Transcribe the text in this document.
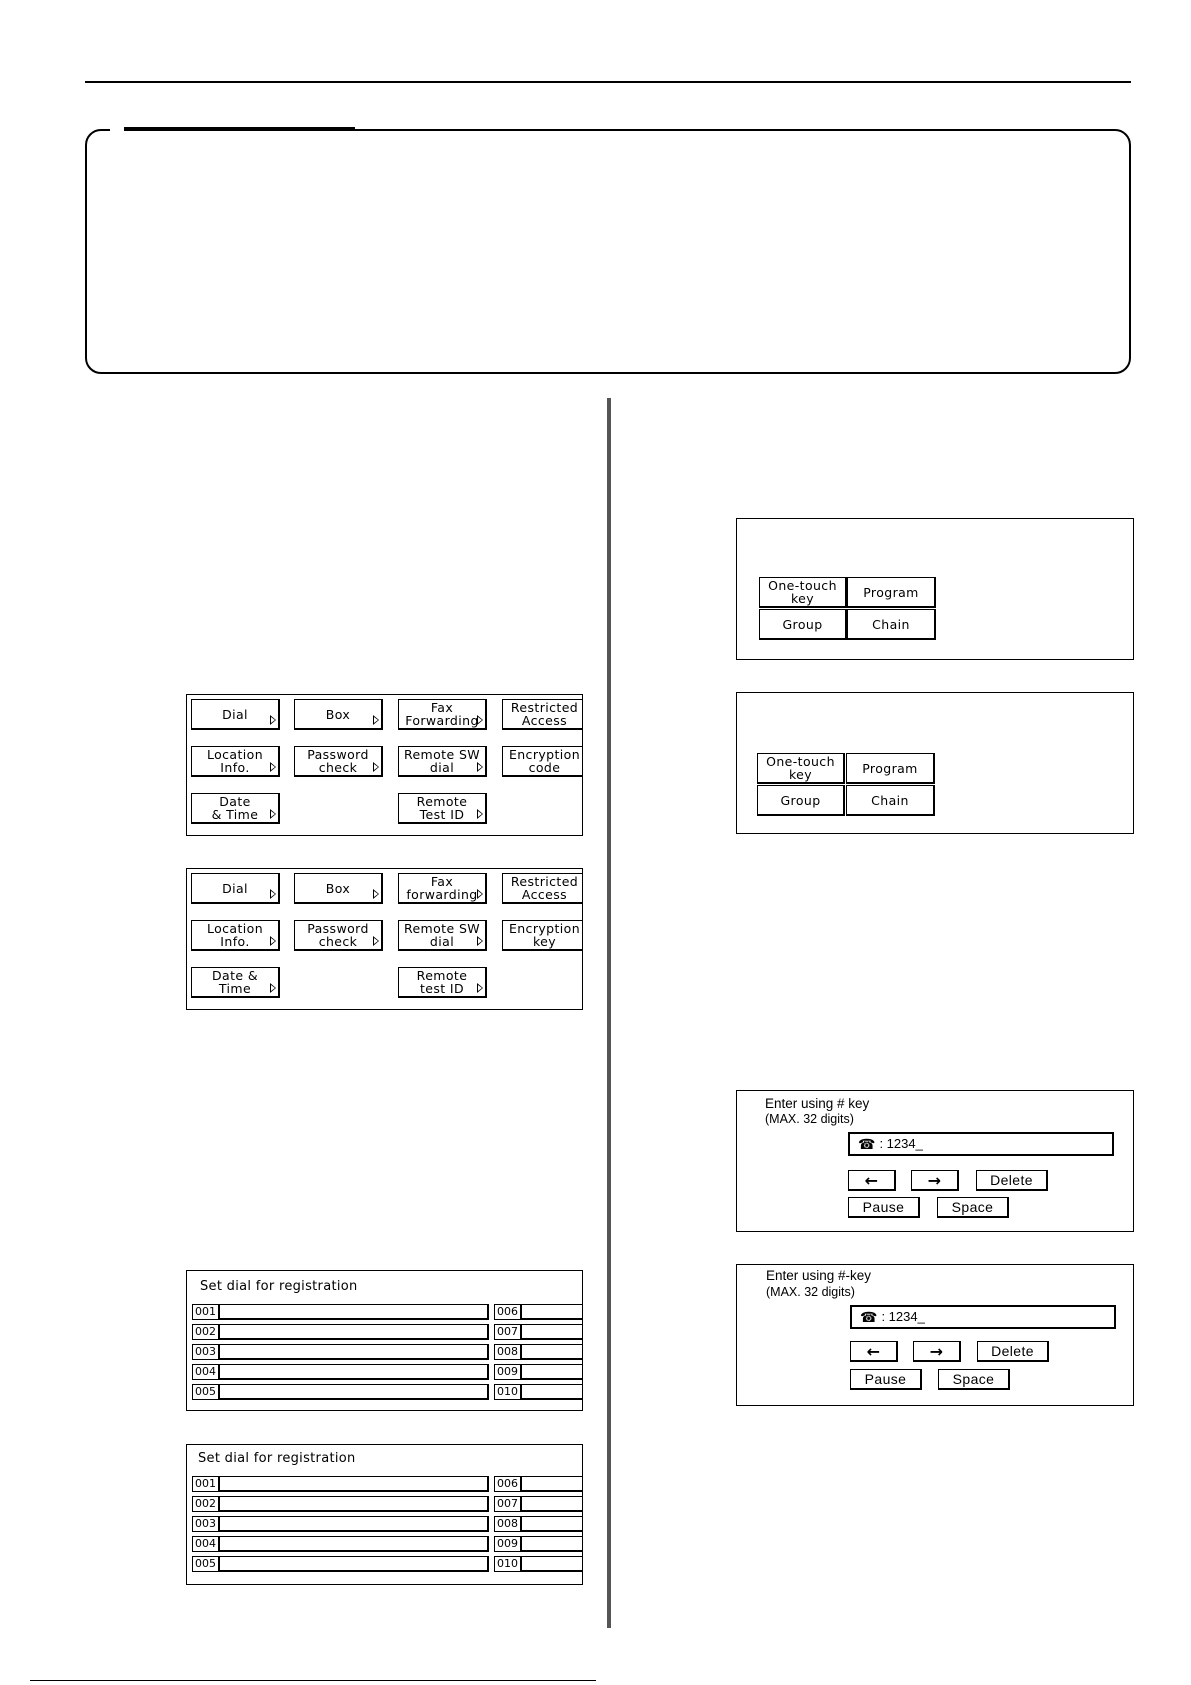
Dial	Box	Fax
Forwarding
Restricted
Access
Location
Info.
Password
check
Remote SW
dial
Encryption
code
Date
& Time
Remote
Test ID
Dial	Box	Fax
forwarding
Restricted
Access
Location
Info.
Password
check
Remote SW
dial
Encryption
key
Date &
Time
Remote
test ID
Set dial for registration
001
002
003
004
005
006
007
008
009
010
Set dial for registration
001
002
003
004
005
006
007
008
009
010
One-touch
key	Program
Group	Chain
One-touch
key	Program
Group	Chain
Enter using # key
(MAX. 32 digits)
☎ : 1234_
←	→	Delete
Pause	Space
Enter using #-key
(MAX. 32 digits)
☎ : 1234_
←	→	Delete
Pause	Space
